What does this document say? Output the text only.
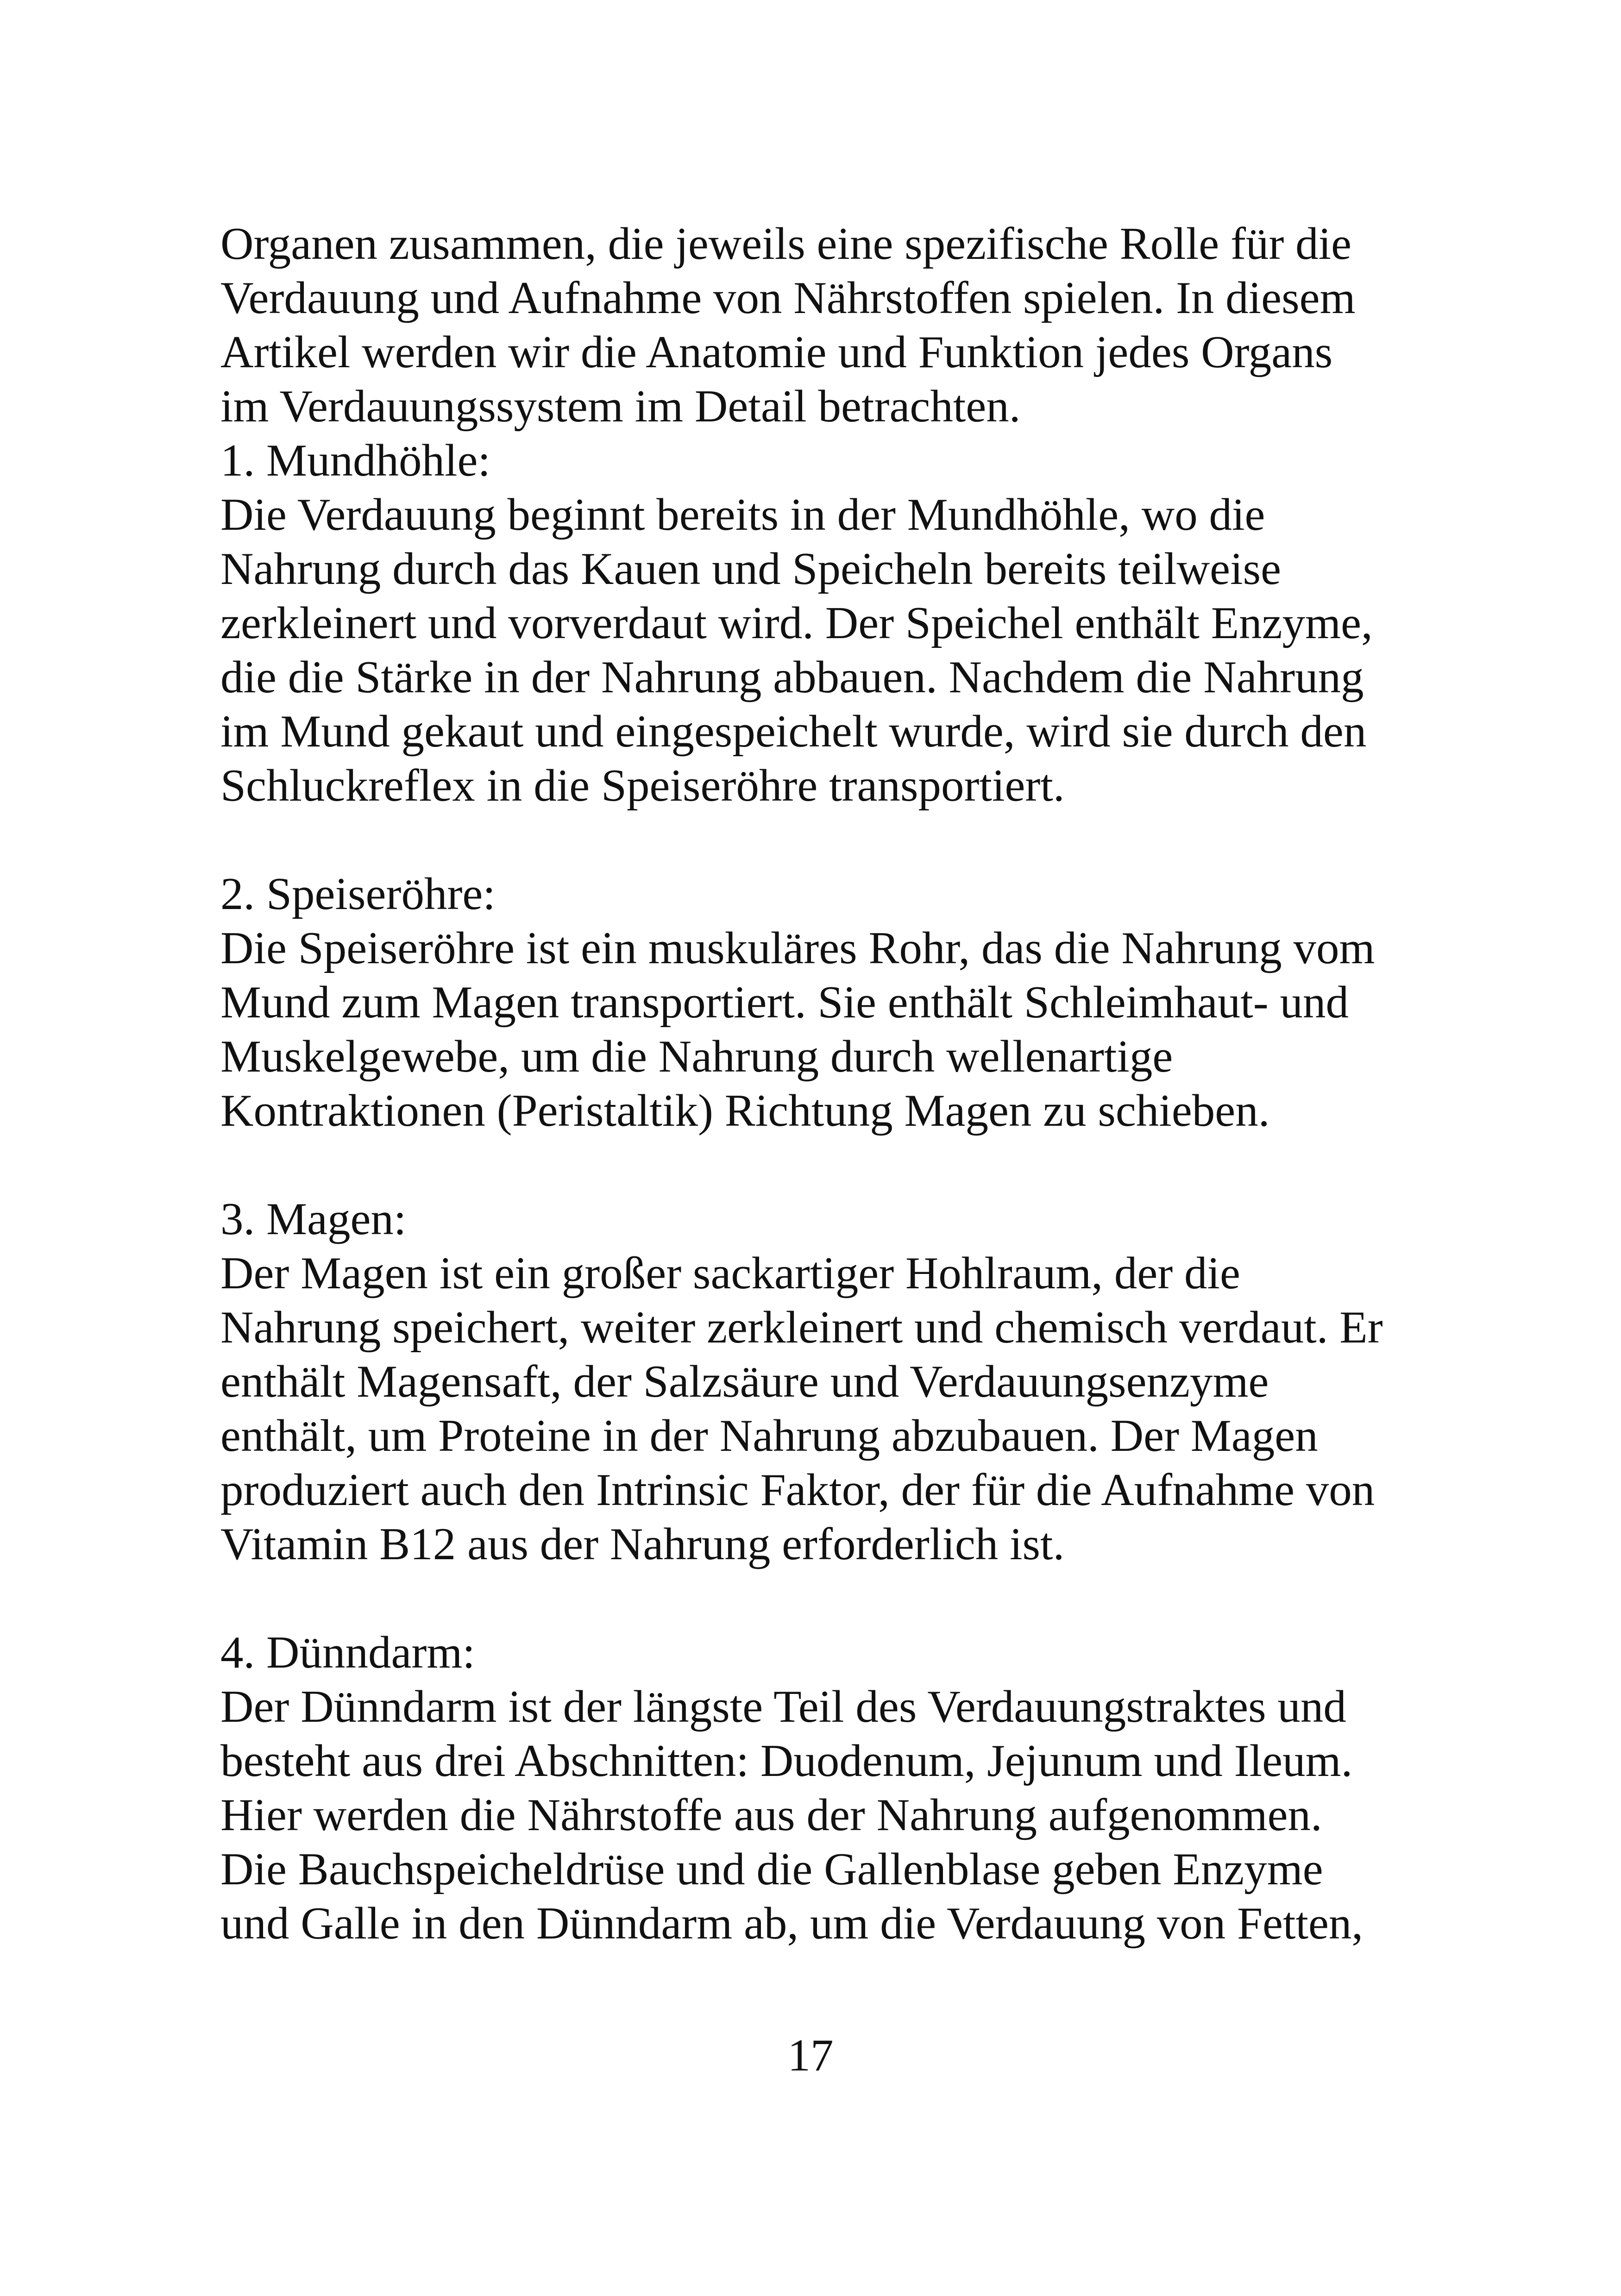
Organen zusammen, die jeweils eine spezifische Rolle für die
Verdauung und Aufnahme von Nährstoffen spielen. In diesem
Artikel werden wir die Anatomie und Funktion jedes Organs
im Verdauungssystem im Detail betrachten.
1. Mundhöhle:
Die Verdauung beginnt bereits in der Mundhöhle, wo die
Nahrung durch das Kauen und Speicheln bereits teilweise
zerkleinert und vorverdaut wird. Der Speichel enthält Enzyme,
die die Stärke in der Nahrung abbauen. Nachdem die Nahrung
im Mund gekaut und eingespeichelt wurde, wird sie durch den
Schluckreflex in die Speiseröhre transportiert.
2. Speiseröhre:
Die Speiseröhre ist ein muskuläres Rohr, das die Nahrung vom
Mund zum Magen transportiert. Sie enthält Schleimhaut- und
Muskelgewebe, um die Nahrung durch wellenartige
Kontraktionen (Peristaltik) Richtung Magen zu schieben.
3. Magen:
Der Magen ist ein großer sackartiger Hohlraum, der die
Nahrung speichert, weiter zerkleinert und chemisch verdaut. Er
enthält Magensaft, der Salzsäure und Verdauungsenzyme
enthält, um Proteine in der Nahrung abzubauen. Der Magen
produziert auch den Intrinsic Faktor, der für die Aufnahme von
Vitamin B12 aus der Nahrung erforderlich ist.
4. Dünndarm:
Der Dünndarm ist der längste Teil des Verdauungstraktes und
besteht aus drei Abschnitten: Duodenum, Jejunum und Ileum.
Hier werden die Nährstoffe aus der Nahrung aufgenommen.
Die Bauchspeicheldrüse und die Gallenblase geben Enzyme
und Galle in den Dünndarm ab, um die Verdauung von Fetten,
17
